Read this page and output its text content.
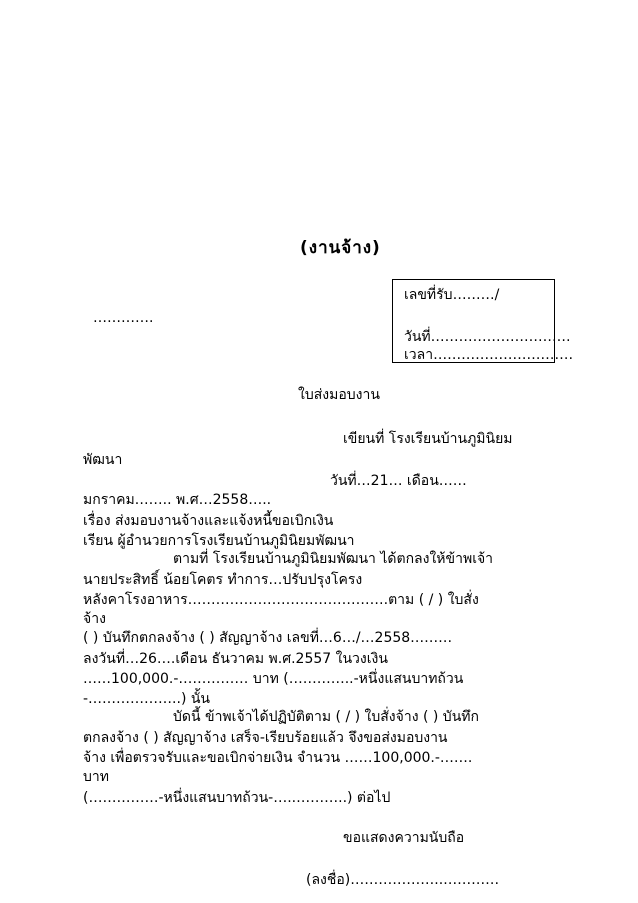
(งานจ้าง)
เลขที่รับ………/
วันที่…………………………
เวลา…………………………
………….
ใบส่งมอบงาน
เขียนที่ โรงเรียนบ้านภูมินิยม
พัฒนา
วันที่…21… เดือน……
มกราคม…….. พ.ศ…2558…..
เรื่อง ส่งมอบงานจ้างและแจ้งหนี้ขอเบิกเงิน
เรียน ผู้อำนวยการโรงเรียนบ้านภูมินิยมพัฒนา
ตามที่ โรงเรียนบ้านภูมินิยมพัฒนา ได้ตกลงให้ข้าพเจ้า
นายประสิทธิ์ น้อยโคตร ทำการ…ปรับปรุงโครง
หลังคาโรงอาหาร…………………………………….ตาม ( / ) ใบสั่ง
จ้าง
( ) บันทึกตกลงจ้าง ( ) สัญญาจ้าง เลขที่…6…/…2558………
ลงวันที่…26….เดือน ธันวาคม พ.ศ.2557 ในวงเงิน
……100,000.-…………… บาท (…………..-หนึ่งแสนบาทถ้วน
-………………..) นั้น
บัดนี้ ข้าพเจ้าได้ปฏิบัติตาม ( / ) ใบสั่งจ้าง ( ) บันทึก
ตกลงจ้าง ( ) สัญญาจ้าง เสร็จ-เรียบร้อยแล้ว จึงขอส่งมอบงาน
จ้าง เพื่อตรวจรับและขอเบิกจ่ายเงิน จำนวน ……100,000.-…….
บาท
(……………-หนึ่งแสนบาทถ้วน-…..………..) ต่อไป
ขอแสดงความนับถือ
(ลงชื่อ)………………..…………
